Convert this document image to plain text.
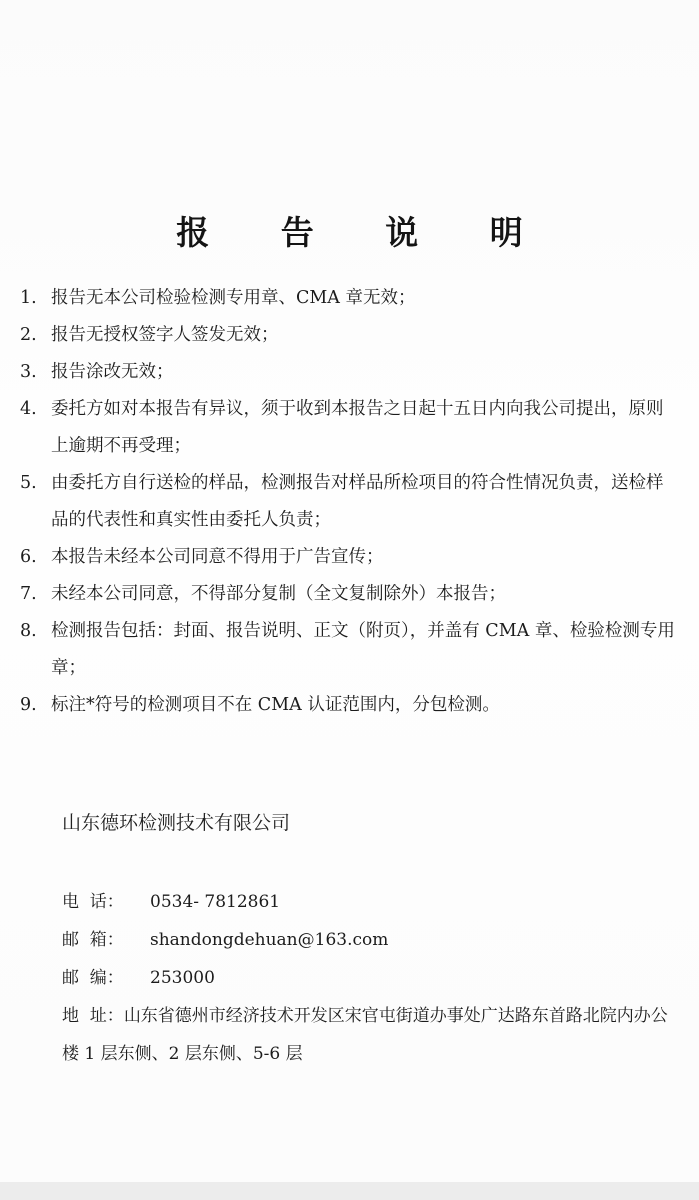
报 告 说 明
1. 报告无本公司检验检测专用章、CMA 章无效；
2. 报告无授权签字人签发无效；
3. 报告涂改无效；
4. 委托方如对本报告有异议，须于收到本报告之日起十五日内向我公司提出，原则上逾期不再受理；
5. 由委托方自行送检的样品，检测报告对样品所检项目的符合性情况负责，送检样品的代表性和真实性由委托人负责；
6. 本报告未经本公司同意不得用于广告宣传；
7. 未经本公司同意，不得部分复制（全文复制除外）本报告；
8. 检测报告包括：封面、报告说明、正文（附页），并盖有 CMA 章、检验检测专用章；
9. 标注*符号的检测项目不在 CMA 认证范围内，分包检测。
山东德环检测技术有限公司
电  话：	0534- 7812861
邮  箱：	shandongdehuan@163.com
邮  编：	253000
地  址：山东省德州市经济技术开发区宋官屯街道办事处广达路东首路北院内办公楼 1 层东侧、2 层东侧、5-6 层
